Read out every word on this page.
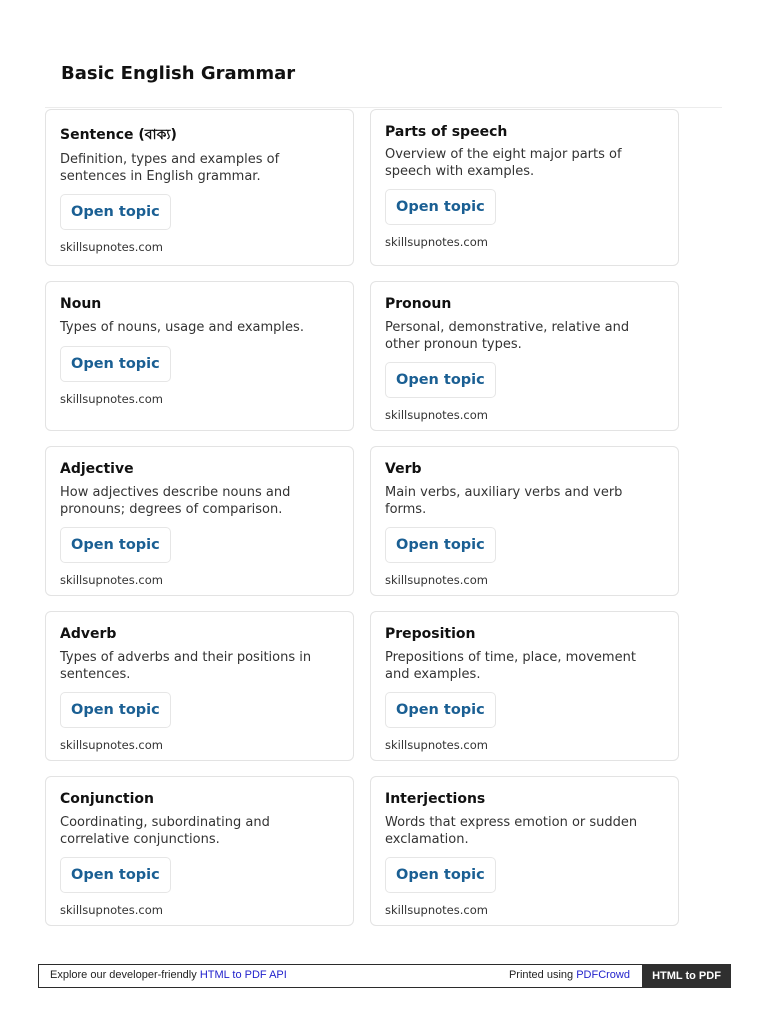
Basic English Grammar
Sentence (বাক্য)
Definition, types and examples of sentences in English grammar.
Open topic
skillsupnotes.com
Parts of speech
Overview of the eight major parts of speech with examples.
Open topic
skillsupnotes.com
Noun
Types of nouns, usage and examples.
Open topic
skillsupnotes.com
Pronoun
Personal, demonstrative, relative and other pronoun types.
Open topic
skillsupnotes.com
Adjective
How adjectives describe nouns and pronouns; degrees of comparison.
Open topic
skillsupnotes.com
Verb
Main verbs, auxiliary verbs and verb forms.
Open topic
skillsupnotes.com
Adverb
Types of adverbs and their positions in sentences.
Open topic
skillsupnotes.com
Preposition
Prepositions of time, place, movement and examples.
Open topic
skillsupnotes.com
Conjunction
Coordinating, subordinating and correlative conjunctions.
Open topic
skillsupnotes.com
Interjections
Words that express emotion or sudden exclamation.
Open topic
skillsupnotes.com
Explore our developer-friendly HTML to PDF API	Printed using PDFCrowd	HTML to PDF
